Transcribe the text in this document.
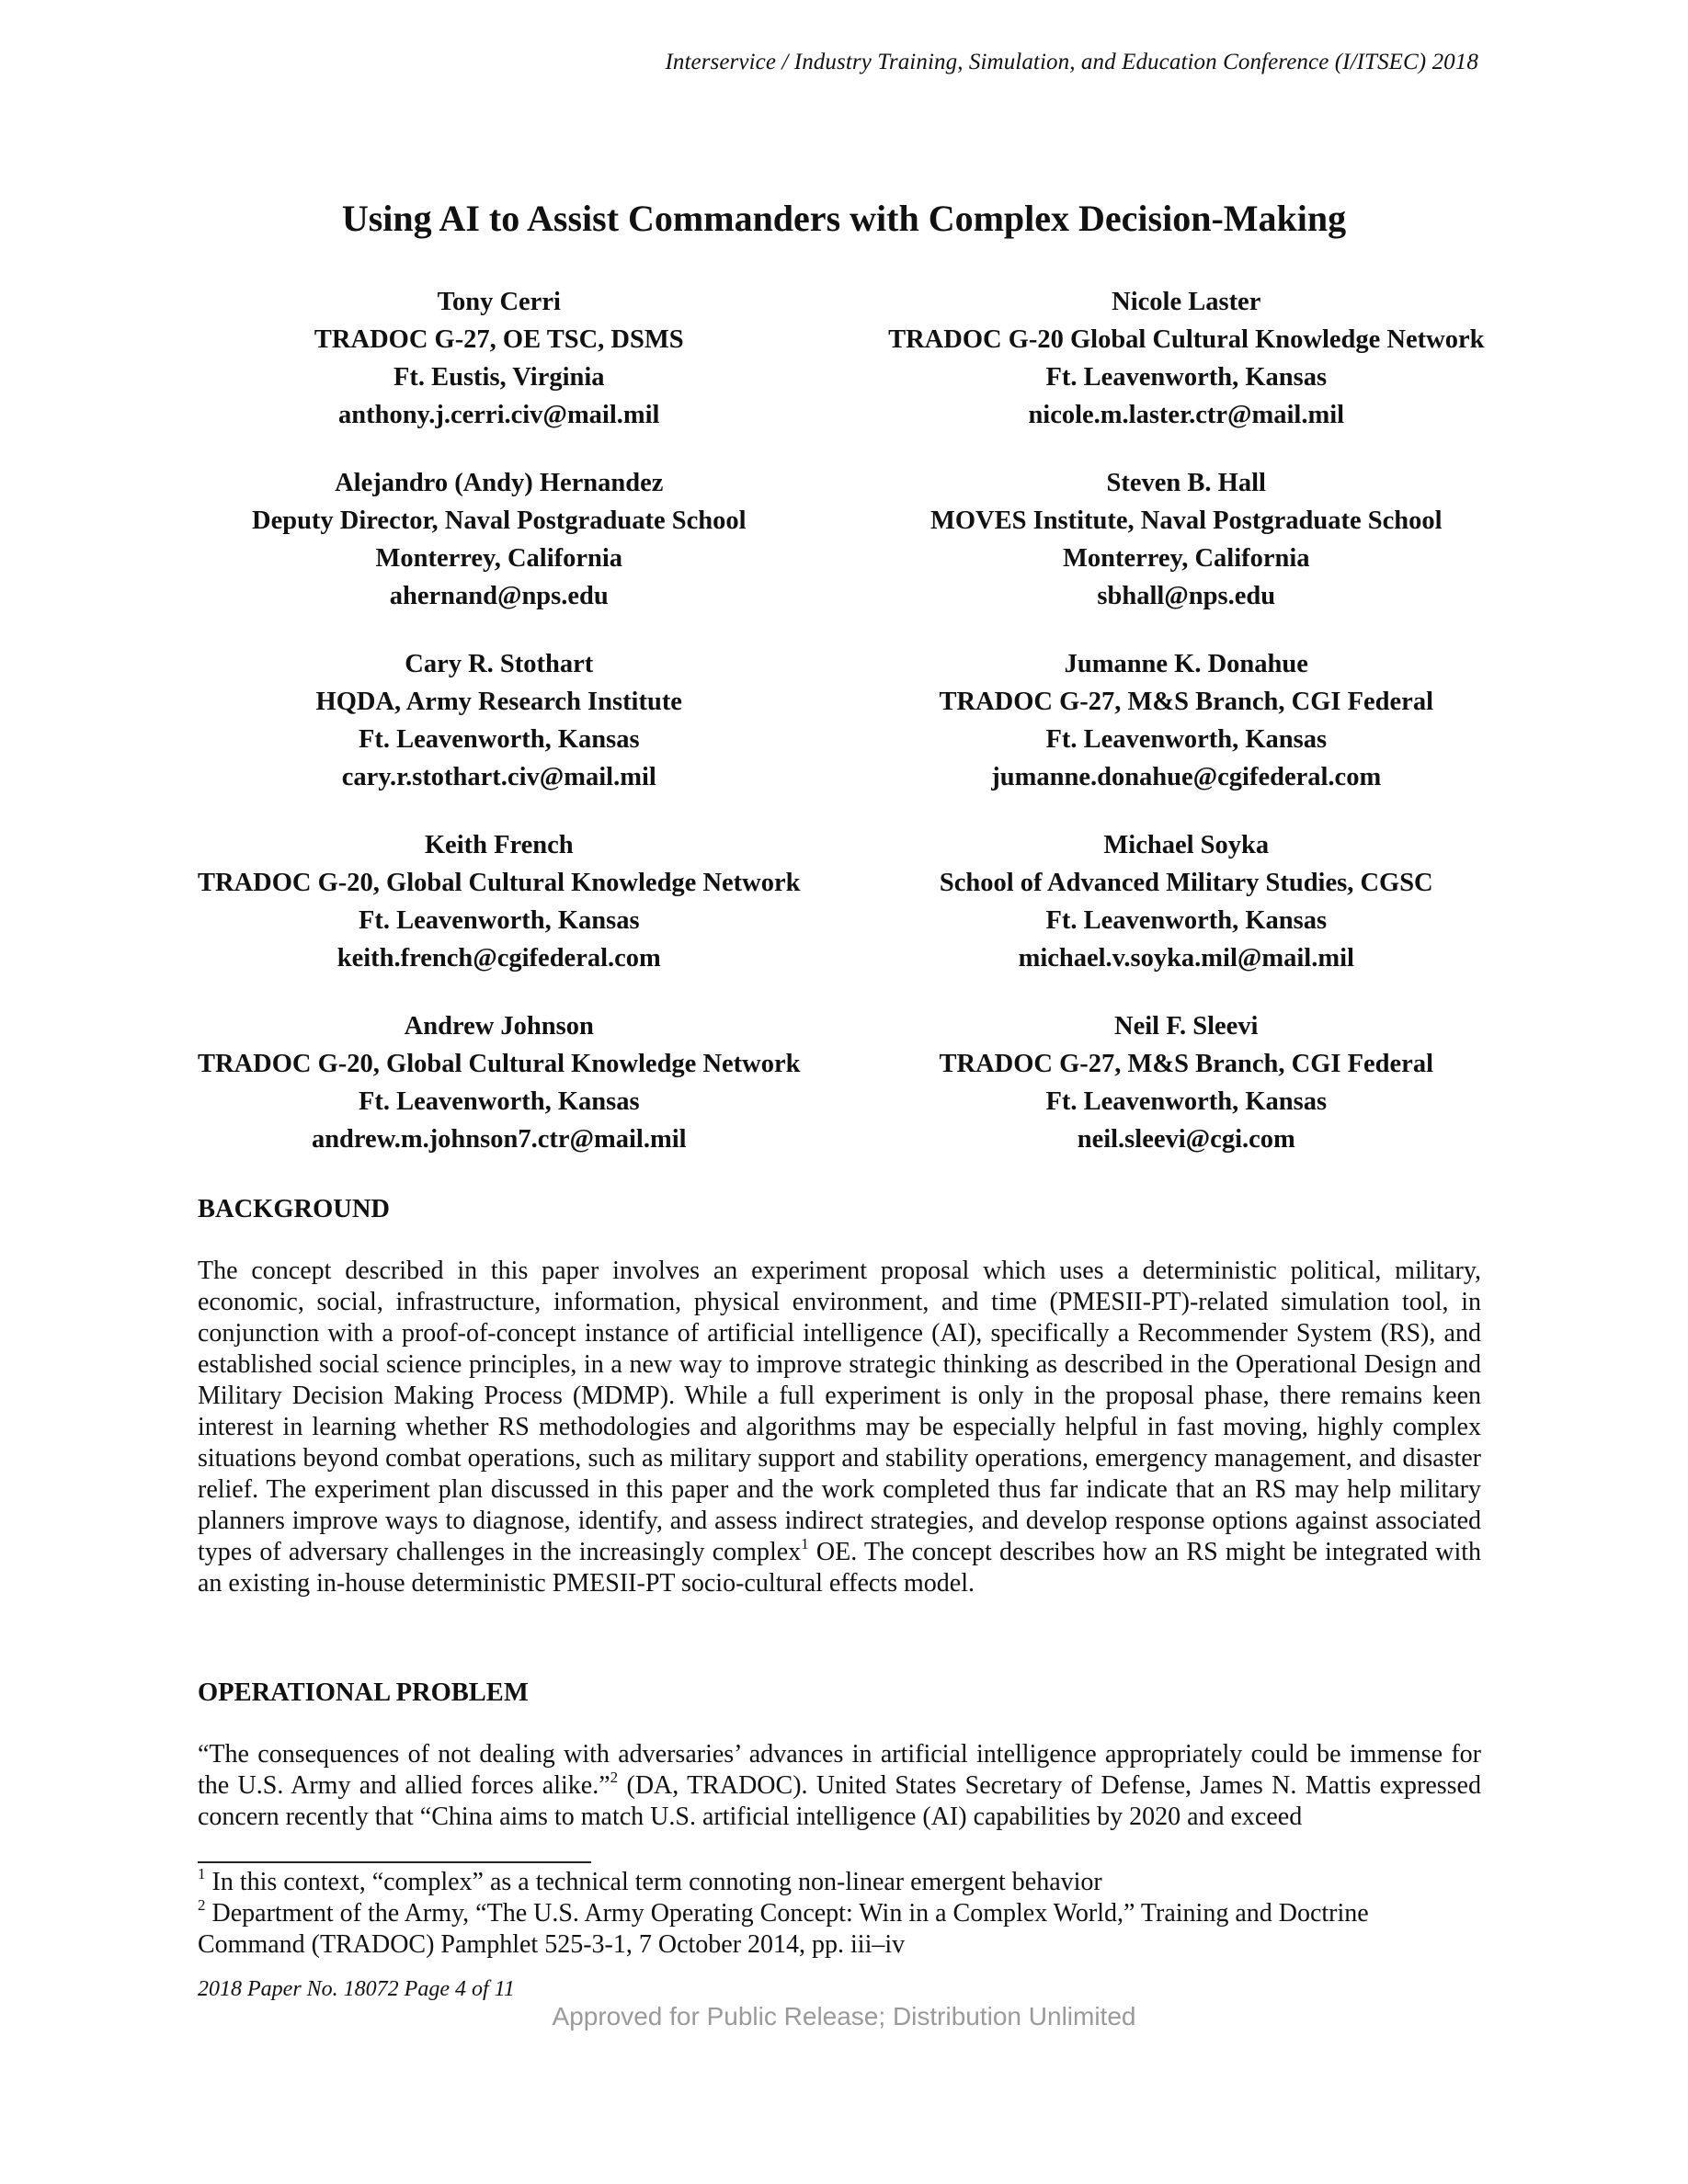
Interservice / Industry Training, Simulation, and Education Conference (I/ITSEC) 2018
Using AI to Assist Commanders with Complex Decision-Making
Tony Cerri
TRADOC G-27, OE TSC, DSMS
Ft. Eustis, Virginia
anthony.j.cerri.civ@mail.mil
Nicole Laster
TRADOC G-20 Global Cultural Knowledge Network
Ft. Leavenworth, Kansas
nicole.m.laster.ctr@mail.mil
Alejandro (Andy) Hernandez
Deputy Director, Naval Postgraduate School
Monterrey, California
ahernand@nps.edu
Steven B. Hall
MOVES Institute, Naval Postgraduate School
Monterrey, California
sbhall@nps.edu
Cary R. Stothart
HQDA, Army Research Institute
Ft. Leavenworth, Kansas
cary.r.stothart.civ@mail.mil
Jumanne K. Donahue
TRADOC G-27, M&S Branch, CGI Federal
Ft. Leavenworth, Kansas
jumanne.donahue@cgifederal.com
Keith French
TRADOC G-20, Global Cultural Knowledge Network
Ft. Leavenworth, Kansas
keith.french@cgifederal.com
Michael Soyka
School of Advanced Military Studies, CGSC
Ft. Leavenworth, Kansas
michael.v.soyka.mil@mail.mil
Andrew Johnson
TRADOC G-20, Global Cultural Knowledge Network
Ft. Leavenworth, Kansas
andrew.m.johnson7.ctr@mail.mil
Neil F. Sleevi
TRADOC G-27, M&S Branch, CGI Federal
Ft. Leavenworth, Kansas
neil.sleevi@cgi.com
BACKGROUND

The concept described in this paper involves an experiment proposal which uses a deterministic political, military, economic, social, infrastructure, information, physical environment, and time (PMESII-PT)-related simulation tool, in conjunction with a proof-of-concept instance of artificial intelligence (AI), specifically a Recommender System (RS), and established social science principles, in a new way to improve strategic thinking as described in the Operational Design and Military Decision Making Process (MDMP). While a full experiment is only in the proposal phase, there remains keen interest in learning whether RS methodologies and algorithms may be especially helpful in fast moving, highly complex situations beyond combat operations, such as military support and stability operations, emergency management, and disaster relief. The experiment plan discussed in this paper and the work completed thus far indicate that an RS may help military planners improve ways to diagnose, identify, and assess indirect strategies, and develop response options against associated types of adversary challenges in the increasingly complex$^1$ OE. The concept describes how an RS might be integrated with an existing in-house deterministic PMESII-PT socio-cultural effects model.

OPERATIONAL PROBLEM

“The consequences of not dealing with adversaries’ advances in artificial intelligence appropriately could be immense for the U.S. Army and allied forces alike.”$^2$ (DA, TRADOC). United States Secretary of Defense, James N. Mattis expressed concern recently that “China aims to match U.S. artificial intelligence (AI) capabilities by 2020 and exceed

$^1$ In this context, “complex” as a technical term connoting non-linear emergent behavior

$^2$ Department of the Army, “The U.S. Army Operating Concept: Win in a Complex World,” Training and Doctrine Command (TRADOC) Pamphlet 525-3-1, 7 October 2014, pp. iii–iv

2018 Paper No. 18072 Page 4 of 11
Approved for Public Release; Distribution Unlimited
